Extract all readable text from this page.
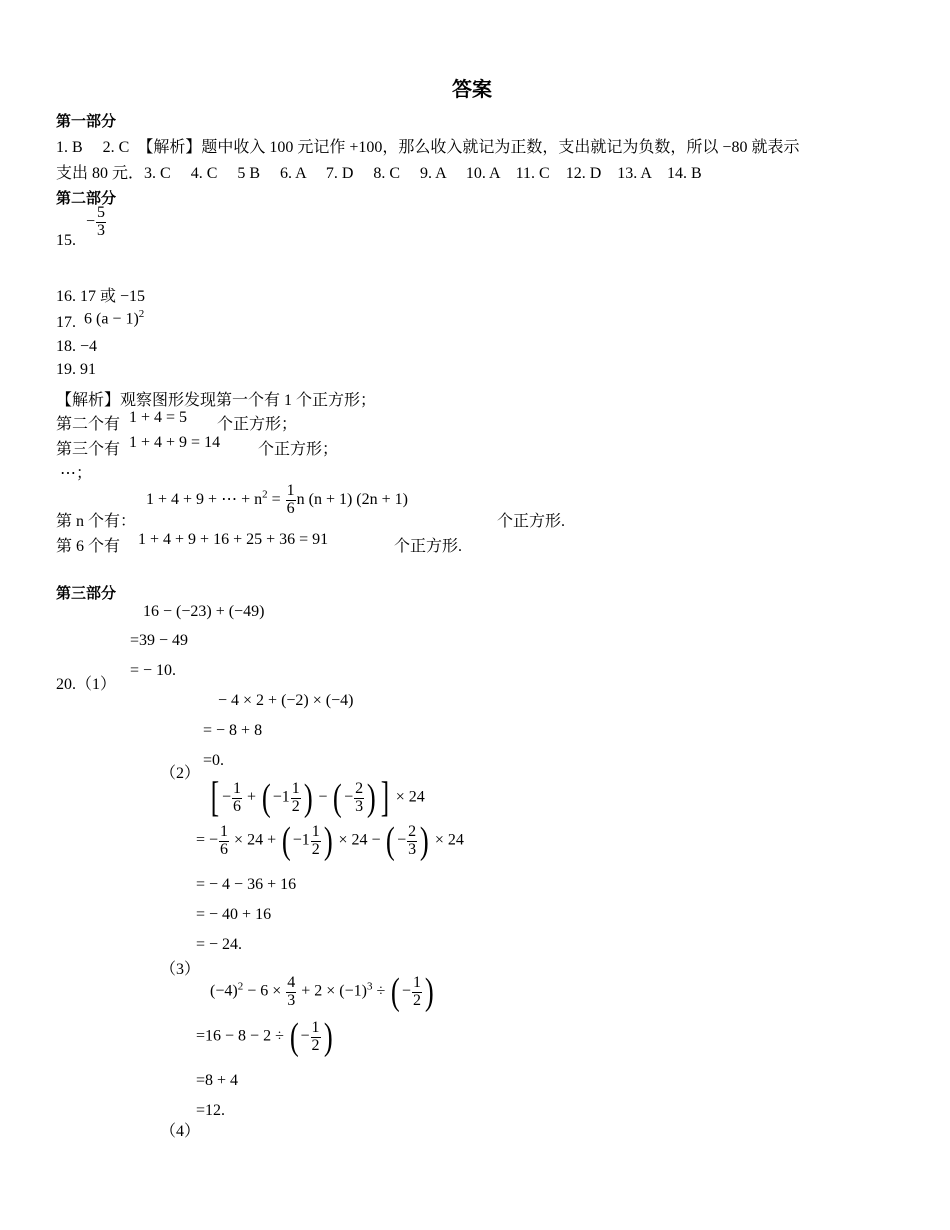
答案
第一部分
1. B　 2. C　【解析】题中收入 100 元记作 +100，那么收入就记为正数，支出就记为负数，所以 −80 就表示
支出 80 元．3. C　 4. C　 5 B　 6. A　 7. D　 8. C　 9. A　 10. A　11. C　12. D　13. A　14. B
第二部分
15.
− $\frac{5}{3}$
16. 17 或 −15
17. 6 $(a - 1)^2$
18. −4
19. 91
【解析】观察图形发现第一个有 1 个正方形；
第二个有 1 + 4 = 5 个正方形；
第三个有 1 + 4 + 9 = 14 个正方形；
⋯；
第 n 个有：
1 + 4 + 9 + ⋯ + $n^2 = \frac{1}{6}$ n (n + 1) (2n + 1)
个正方形.
第 6 个有 1 + 4 + 9 + 16 + 25 + 36 = 91	个正方形.
第三部分
16 − (−23) + (−49)
=39 − 49
20.（1）
= − 10.
− 4 × 2 + (−2) × (−4)
= − 8 + 8
（2）
=0.
[ − $\frac{1}{6}$ + ( $-1 \frac{1}{2}$ ) − ( − $\frac{2}{3}$ ) ] × 24
= − $\frac{1}{6} \times 24$ + ( $-1 \frac{1}{2}$ ) × 24 − ( − $\frac{2}{3}$ ) × 24
= − 4 − 36 + 16
= − 40 + 16
= − 24.
（3）
$(-4)^2 - 6 \times \frac{4}{3} + 2 \times (-1)^3$ ÷ ( − $\frac{1}{2}$ )
=16 − 8 − 2 ÷ ( − $\frac{1}{2}$ )
=8 + 4
=12.
（4）
